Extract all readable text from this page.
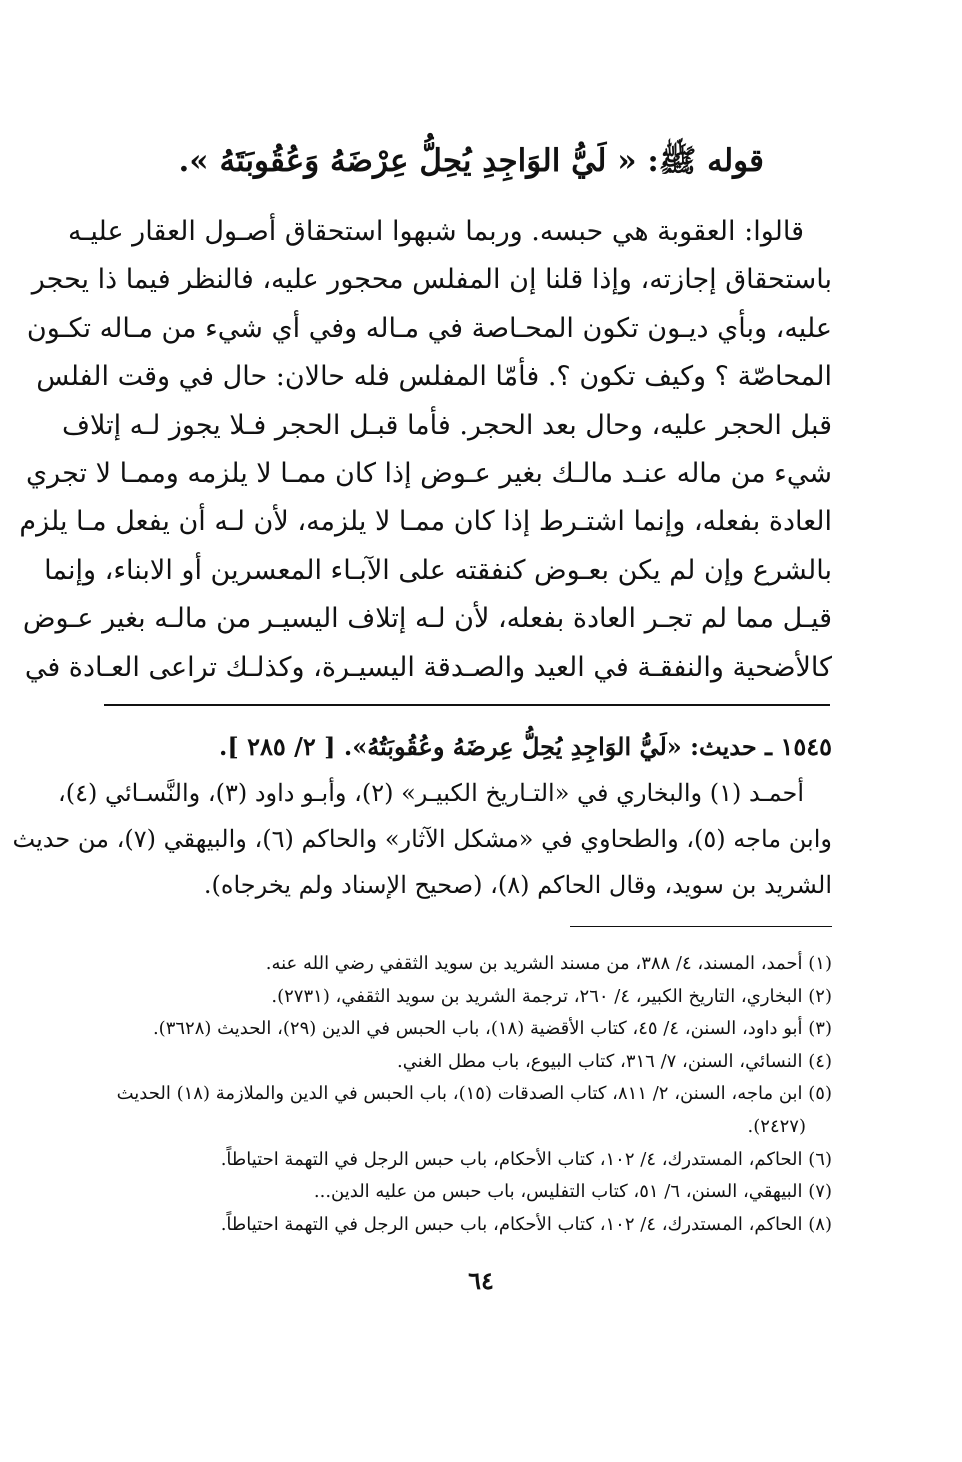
قوله ﷺ: « لَيُّ الوَاجِدِ يُحِلُّ عِرْضَهُ وَعُقُوبَتَهُ ».
قالوا: العقوبة هي حبسه. وربما شبهوا استحقاق أصـول العقار عليـه
باستحقاق إجازته، وإذا قلنا إن المفلس محجور عليه، فالنظر فيما ذا يحجر
عليه، وبأي ديـون تكون المحـاصة في مـاله وفي أي شيء من مـاله تكـون
المحاصّة ؟ وكيف تكون ؟. فأمّا المفلس فله حالان: حال في وقت الفلس
قبل الحجر عليه، وحال بعد الحجر. فأما قبـل الحجر فـلا يجوز لـه إتلاف
شيء من ماله عنـد مالـك بغير عـوض إذا كان ممـا لا يلزمه وممـا لا تجري
العادة بفعله، وإنما اشتـرط إذا كان ممـا لا يلزمه، لأن لـه أن يفعل مـا يلزم
بالشرع وإن لم يكن بعـوض كنفقته على الآبـاء المعسرين أو الابناء، وإنما
قيـل مما لم تجـر العادة بفعله، لأن لـه إتلاف اليسيـر من مالـه بغير عـوض
كالأضحية والنفقـة في العيد والصـدقة اليسيـرة، وكذلـك تراعى العـادة في
١٥٤٥ ـ حديث: «لَيُّ الوَاجِدِ يُحِلُّ عِرضَهُ وعُقُوبَتُهُ». [ ٢/ ٢٨٥ ].
أحمـد (١) والبخاري في «التـاريخ الكبيـر» (٢)، وأبـو داود (٣)، والنَّسـائي (٤)،
وابن ماجه (٥)، والطحاوي في «مشكل الآثار» والحاكم (٦)، والبيهقي (٧)، من حديث
الشريد بن سويد، وقال الحاكم (٨)، (صحيح الإسناد ولم يخرجاه).
(١) أحمد، المسند، ٤/ ٣٨٨، من مسند الشريد بن سويد الثقفي رضي الله عنه.
(٢) البخاري، التاريخ الكبير، ٤/ ٢٦٠، ترجمة الشريد بن سويد الثقفي، (٢٧٣١).
(٣) أبو داود، السنن، ٤/ ٤٥، كتاب الأقضية (١٨)، باب الحبس في الدين (٢٩)، الحديث (٣٦٢٨).
(٤) النسائي، السنن، ٧/ ٣١٦، كتاب البيوع، باب مطل الغني.
(٥) ابن ماجه، السنن، ٢/ ٨١١، كتاب الصدقات (١٥)، باب الحبس في الدين والملازمة (١٨) الحديث
(٢٤٢٧).
(٦) الحاكم، المستدرك، ٤/ ١٠٢، كتاب الأحكام، باب حبس الرجل في التهمة احتياطاً.
(٧) البيهقي، السنن، ٦/ ٥١، كتاب التفليس، باب حبس من عليه الدين...
(٨) الحاكم، المستدرك، ٤/ ١٠٢، كتاب الأحكام، باب حبس الرجل في التهمة احتياطاً.
٦٤
